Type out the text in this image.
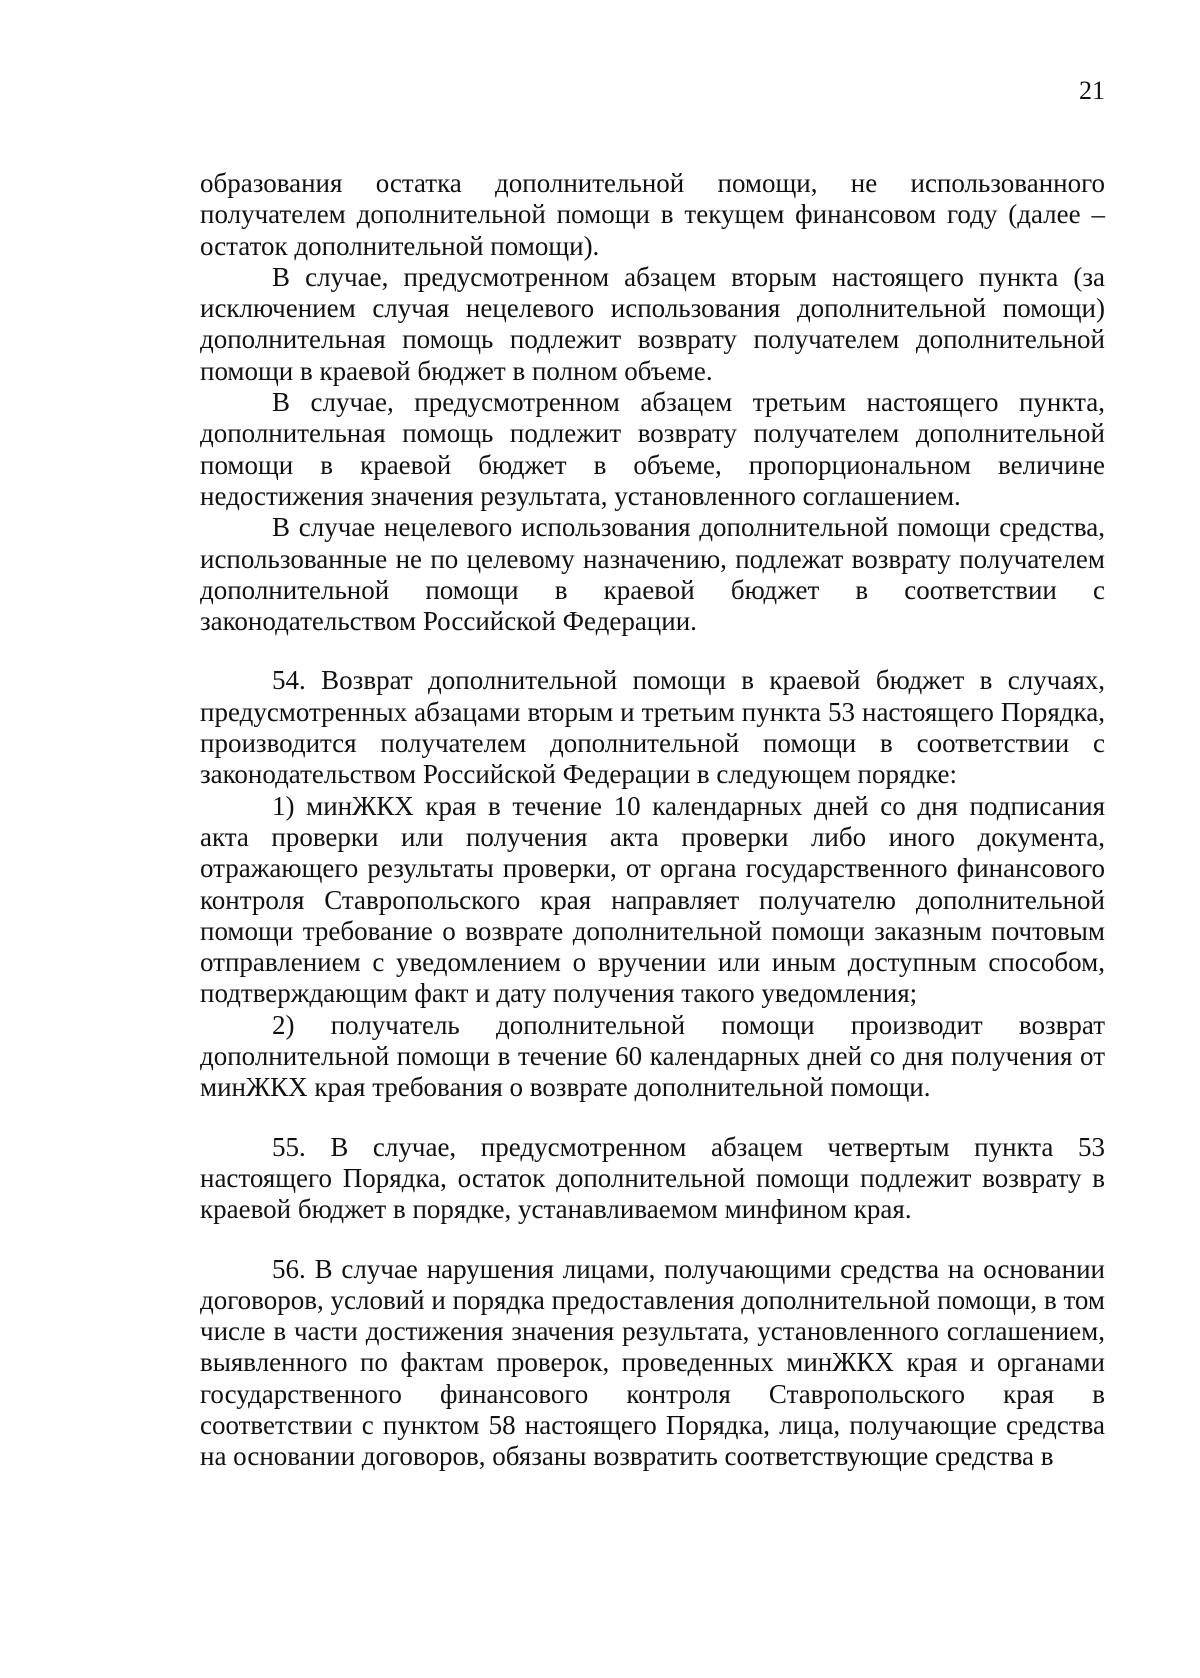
21

образования остатка дополнительной помощи, не использованного получателем дополнительной помощи в текущем финансовом году (далее – остаток дополнительной помощи).

В случае, предусмотренном абзацем вторым настоящего пункта (за исключением случая нецелевого использования дополнительной помощи) дополнительная помощь подлежит возврату получателем дополнительной помощи в краевой бюджет в полном объеме.

В случае, предусмотренном абзацем третьим настоящего пункта, дополнительная помощь подлежит возврату получателем дополнительной помощи в краевой бюджет в объеме, пропорциональном величине недостижения значения результата, установленного соглашением.

В случае нецелевого использования дополнительной помощи средства, использованные не по целевому назначению, подлежат возврату получателем дополнительной помощи в краевой бюджет в соответствии с законодательством Российской Федерации.

54. Возврат дополнительной помощи в краевой бюджет в случаях, предусмотренных абзацами вторым и третьим пункта 53 настоящего Порядка, производится получателем дополнительной помощи в соответствии с законодательством Российской Федерации в следующем порядке:

1) минЖКХ края в течение 10 календарных дней со дня подписания акта проверки или получения акта проверки либо иного документа, отражающего результаты проверки, от органа государственного финансового контроля Ставропольского края направляет получателю дополнительной помощи требование о возврате дополнительной помощи заказным почтовым отправлением с уведомлением о вручении или иным доступным способом, подтверждающим факт и дату получения такого уведомления;

2) получатель дополнительной помощи производит возврат дополнительной помощи в течение 60 календарных дней со дня получения от минЖКХ края требования о возврате дополнительной помощи.

55. В случае, предусмотренном абзацем четвертым пункта 53 настоящего Порядка, остаток дополнительной помощи подлежит возврату в краевой бюджет в порядке, устанавливаемом минфином края.

56. В случае нарушения лицами, получающими средства на основании договоров, условий и порядка предоставления дополнительной помощи, в том числе в части достижения значения результата, установленного соглашением, выявленного по фактам проверок, проведенных минЖКХ края и органами государственного финансового контроля Ставропольского края в соответствии с пунктом 58 настоящего Порядка, лица, получающие средства на основании договоров, обязаны возвратить соответствующие средства в
